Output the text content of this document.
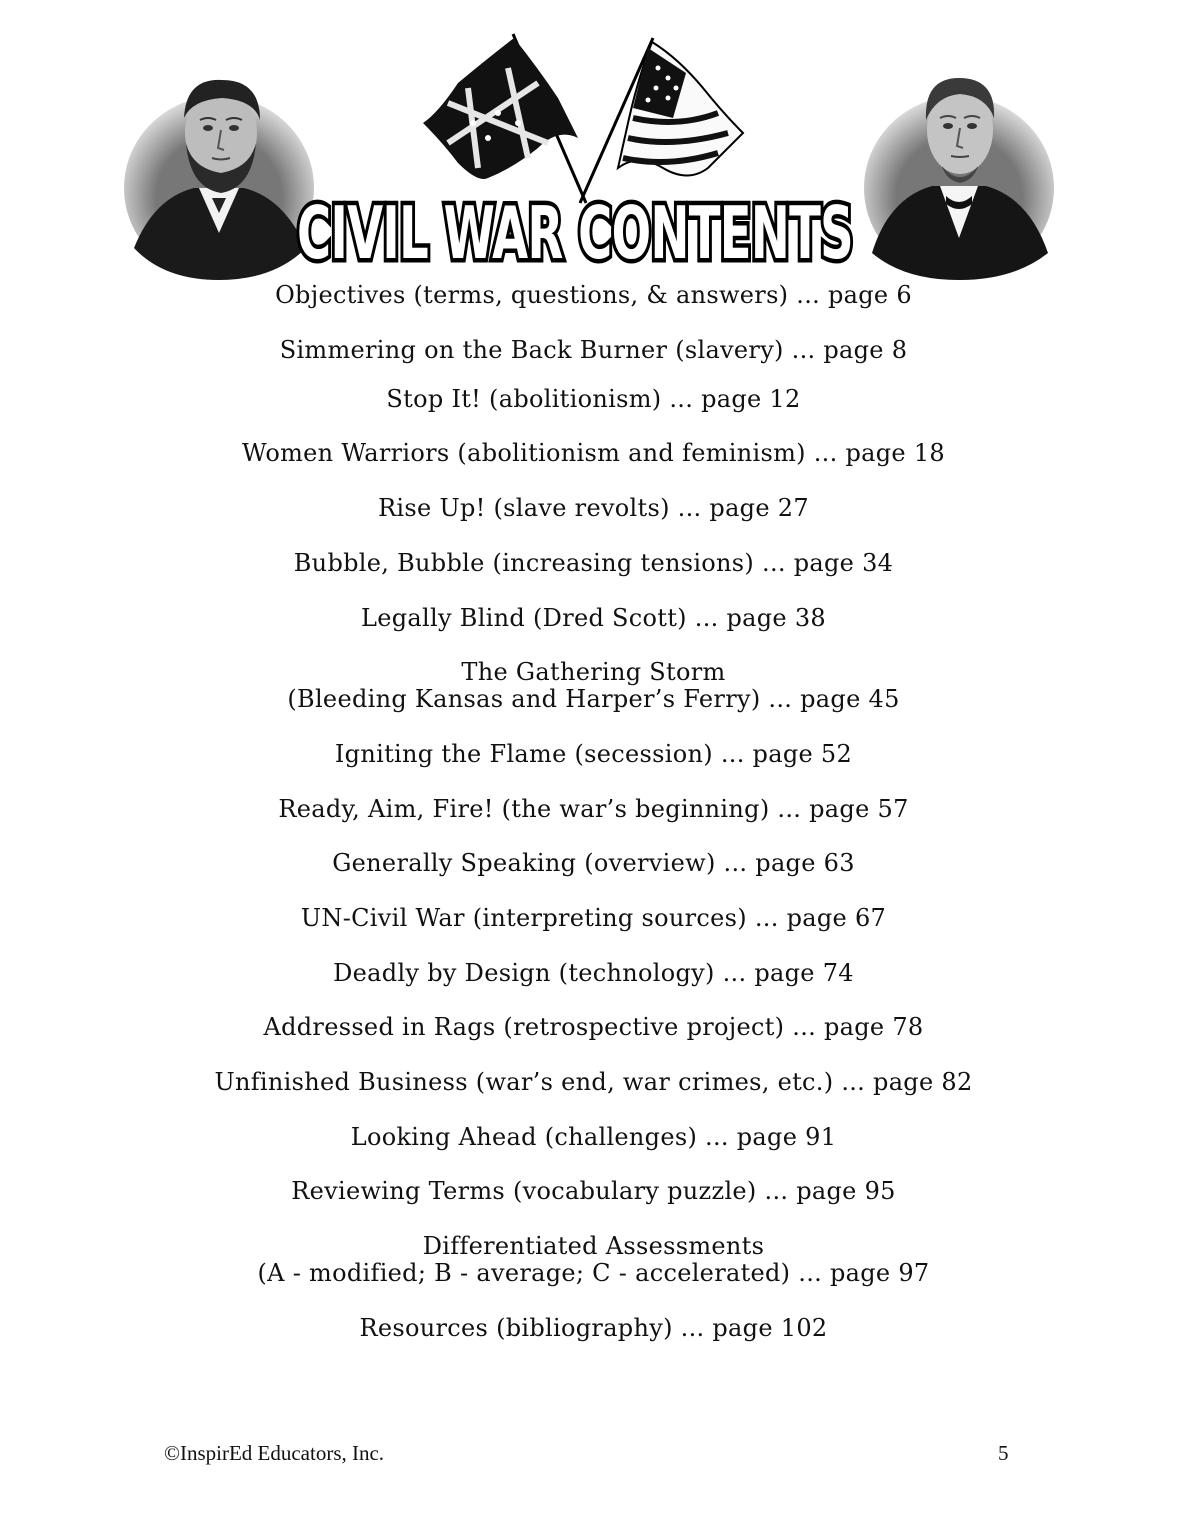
CIVIL WAR CONTENTS
Objectives (terms, questions, & answers) ... page 6
Simmering on the Back Burner (slavery) ... page 8
Stop It! (abolitionism) ... page 12
Women Warriors (abolitionism and feminism) ... page 18
Rise Up! (slave revolts) ... page 27
Bubble, Bubble (increasing tensions) ... page 34
Legally Blind (Dred Scott) ... page 38
The Gathering Storm
(Bleeding Kansas and Harper’s Ferry) ... page 45
Igniting the Flame (secession) ... page 52
Ready, Aim, Fire! (the war’s beginning) ... page 57
Generally Speaking (overview) ... page 63
UN-Civil War (interpreting sources) ... page 67
Deadly by Design (technology) ... page 74
Addressed in Rags (retrospective project) ... page 78
Unfinished Business (war’s end, war crimes, etc.) ... page 82
Looking Ahead (challenges) ... page 91
Reviewing Terms (vocabulary puzzle) ... page 95
Differentiated Assessments
(A - modified; B - average; C - accelerated) ... page 97
Resources (bibliography) ... page 102
©InspirEd Educators, Inc.	5
